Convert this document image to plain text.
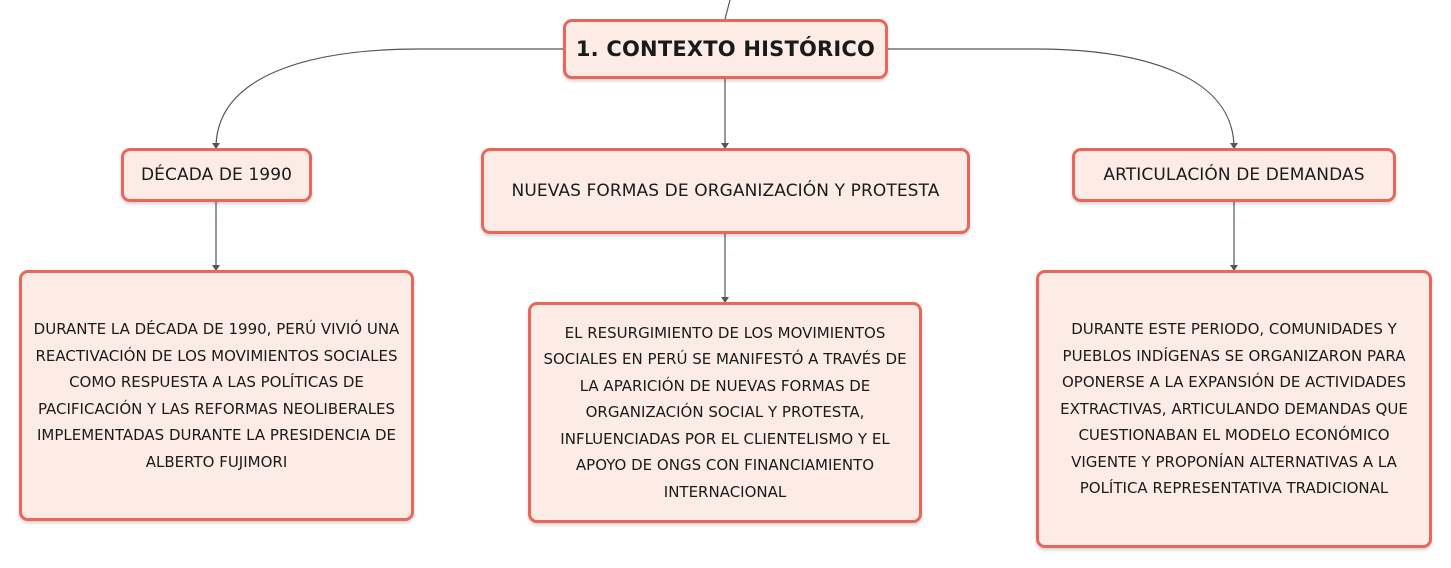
1. CONTEXTO HISTÓRICO
DÉCADA DE 1990
NUEVAS FORMAS DE ORGANIZACIÓN Y PROTESTA
ARTICULACIÓN DE DEMANDAS
DURANTE LA DÉCADA DE 1990, PERÚ VIVIÓ UNA REACTIVACIÓN DE LOS MOVIMIENTOS SOCIALES COMO RESPUESTA A LAS POLÍTICAS DE PACIFICACIÓN Y LAS REFORMAS NEOLIBERALES IMPLEMENTADAS DURANTE LA PRESIDENCIA DE ALBERTO FUJIMORI
EL RESURGIMIENTO DE LOS MOVIMIENTOS SOCIALES EN PERÚ SE MANIFESTÓ A TRAVÉS DE LA APARICIÓN DE NUEVAS FORMAS DE ORGANIZACIÓN SOCIAL Y PROTESTA, INFLUENCIADAS POR EL CLIENTELISMO Y EL APOYO DE ONGS CON FINANCIAMIENTO INTERNACIONAL
DURANTE ESTE PERIODO, COMUNIDADES Y PUEBLOS INDÍGENAS SE ORGANIZARON PARA OPONERSE A LA EXPANSIÓN DE ACTIVIDADES EXTRACTIVAS, ARTICULANDO DEMANDAS QUE CUESTIONABAN EL MODELO ECONÓMICO VIGENTE Y PROPONÍAN ALTERNATIVAS A LA POLÍTICA REPRESENTATIVA TRADICIONAL
